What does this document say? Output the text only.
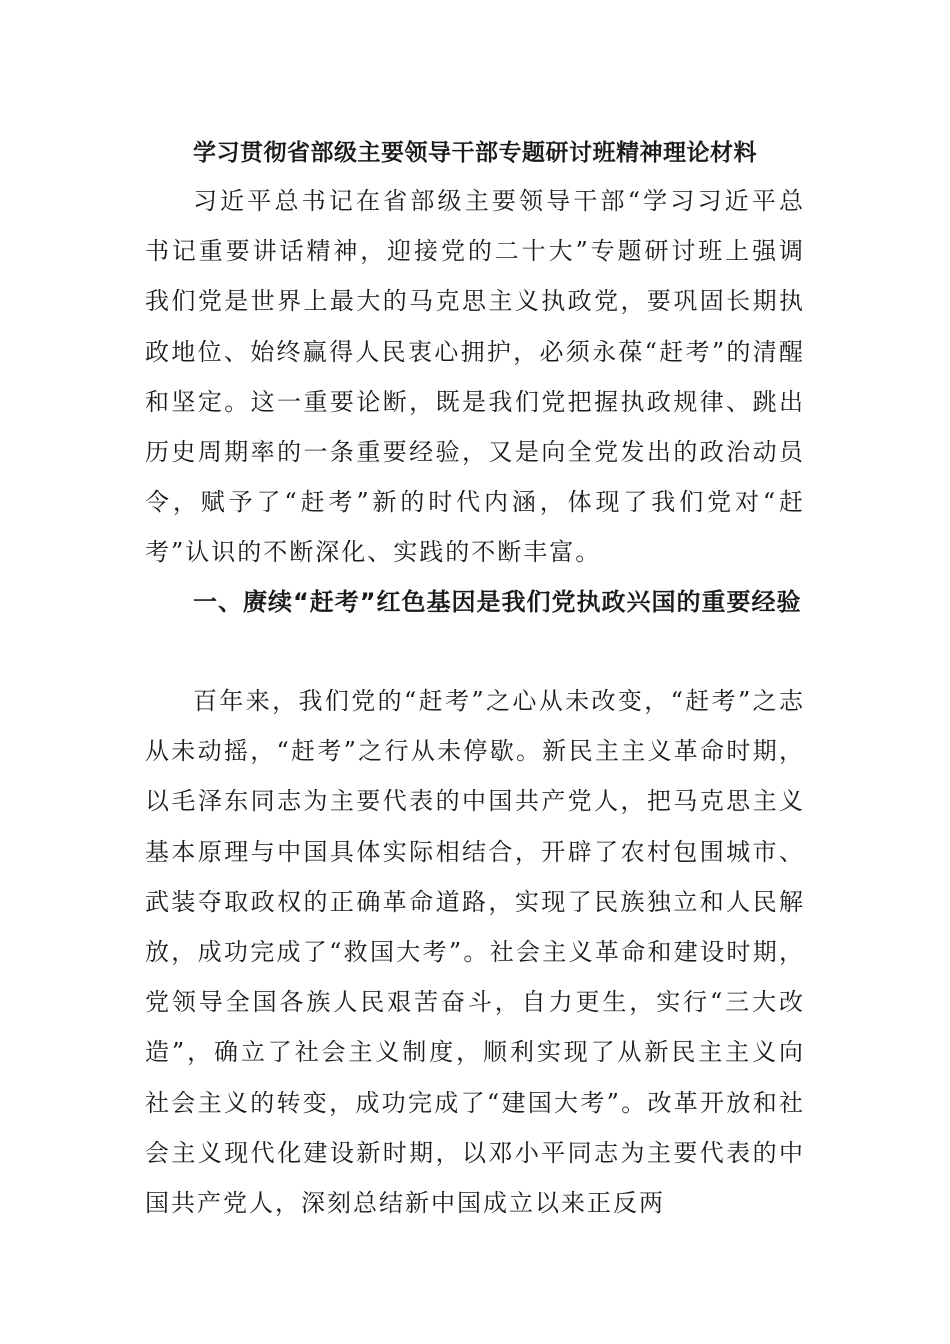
学习贯彻省部级主要领导干部专题研讨班精神理论材料

习近平总书记在省部级主要领导干部“学习习近平总书记重要讲话精神，迎接党的二十大”专题研讨班上强调我们党是世界上最大的马克思主义执政党，要巩固长期执政地位、始终赢得人民衷心拥护，必须永葆“赶考”的清醒和坚定。这一重要论断，既是我们党把握执政规律、跳出历史周期率的一条重要经验，又是向全党发出的政治动员令，赋予了“赶考”新的时代内涵，体现了我们党对“赶考”认识的不断深化、实践的不断丰富。

一、赓续“赶考”红色基因是我们党执政兴国的重要经验

百年来，我们党的“赶考”之心从未改变，“赶考”之志从未动摇，“赶考”之行从未停歇。新民主主义革命时期，以毛泽东同志为主要代表的中国共产党人，把马克思主义基本原理与中国具体实际相结合，开辟了农村包围城市、武装夺取政权的正确革命道路，实现了民族独立和人民解放，成功完成了“救国大考”。社会主义革命和建设时期，党领导全国各族人民艰苦奋斗，自力更生，实行“三大改造”，确立了社会主义制度，顺利实现了从新民主主义向社会主义的转变，成功完成了“建国大考”。改革开放和社会主义现代化建设新时期，以邓小平同志为主要代表的中国共产党人，深刻总结新中国成立以来正反两
